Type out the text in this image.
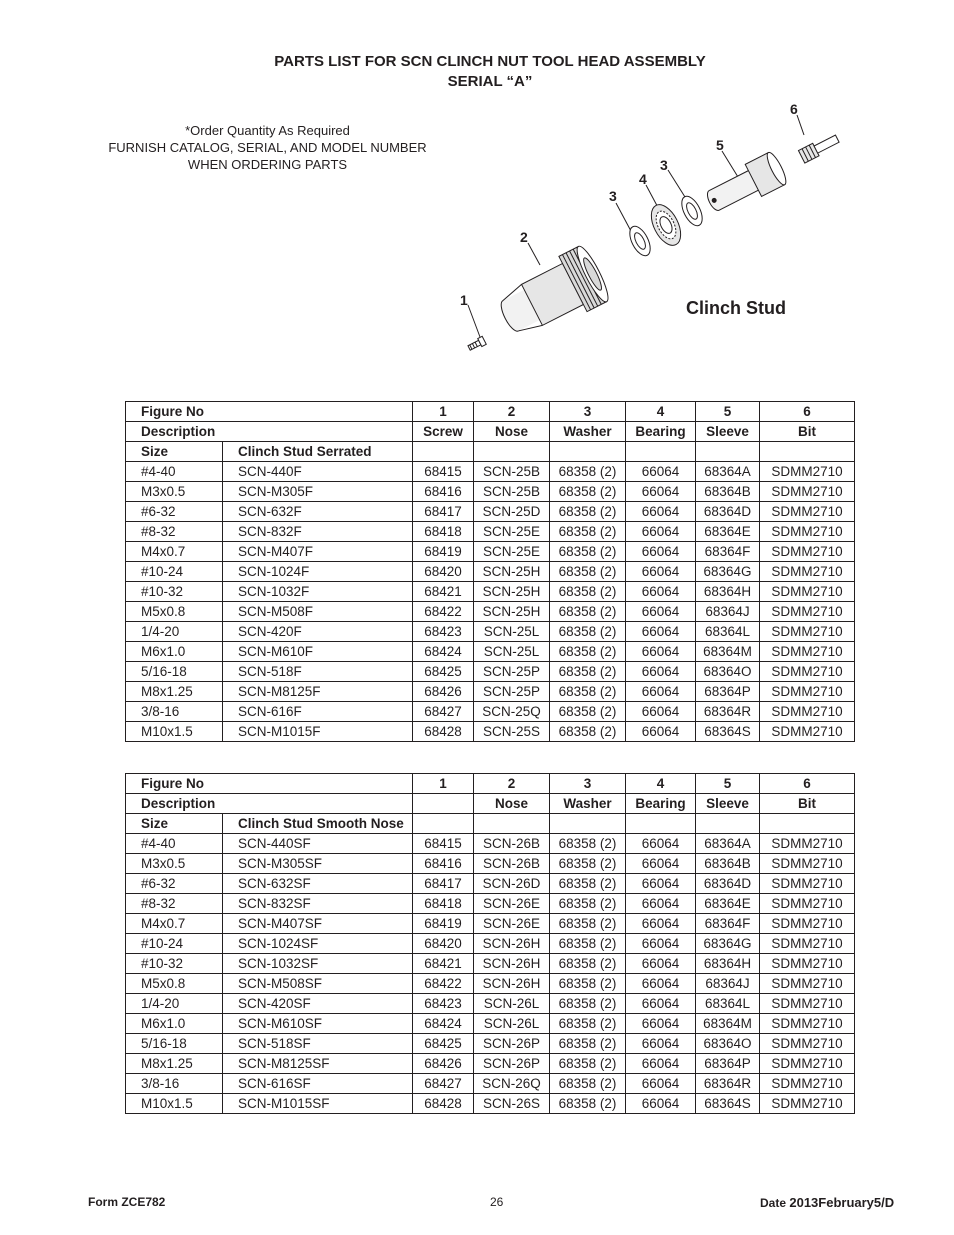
PARTS LIST FOR SCN CLINCH NUT TOOL HEAD ASSEMBLY
SERIAL “A”
*Order Quantity As Required
FURNISH CATALOG, SERIAL, AND MODEL NUMBER
WHEN ORDERING PARTS
1
2
3
4
3
5
6
Clinch Stud
Figure No		1	2	3	4	5	6
Description		Screw	Nose	Washer	Bearing	Sleeve	Bit
Size	Clinch Stud Serrated						
#4-40	SCN-440F	68415	SCN-25B	68358 (2)	66064	68364A	SDMM2710
M3x0.5	SCN-M305F	68416	SCN-25B	68358 (2)	66064	68364B	SDMM2710
#6-32	SCN-632F	68417	SCN-25D	68358 (2)	66064	68364D	SDMM2710
#8-32	SCN-832F	68418	SCN-25E	68358 (2)	66064	68364E	SDMM2710
M4x0.7	SCN-M407F	68419	SCN-25E	68358 (2)	66064	68364F	SDMM2710
#10-24	SCN-1024F	68420	SCN-25H	68358 (2)	66064	68364G	SDMM2710
#10-32	SCN-1032F	68421	SCN-25H	68358 (2)	66064	68364H	SDMM2710
M5x0.8	SCN-M508F	68422	SCN-25H	68358 (2)	66064	68364J	SDMM2710
1/4-20	SCN-420F	68423	SCN-25L	68358 (2)	66064	68364L	SDMM2710
M6x1.0	SCN-M610F	68424	SCN-25L	68358 (2)	66064	68364M	SDMM2710
5/16-18	SCN-518F	68425	SCN-25P	68358 (2)	66064	68364O	SDMM2710
M8x1.25	SCN-M8125F	68426	SCN-25P	68358 (2)	66064	68364P	SDMM2710
3/8-16	SCN-616F	68427	SCN-25Q	68358 (2)	66064	68364R	SDMM2710
M10x1.5	SCN-M1015F	68428	SCN-25S	68358 (2)	66064	68364S	SDMM2710
Figure No		1	2	3	4	5	6
Description			Nose	Washer	Bearing	Sleeve	Bit
Size	Clinch Stud Smooth Nose						
#4-40	SCN-440SF	68415	SCN-26B	68358 (2)	66064	68364A	SDMM2710
M3x0.5	SCN-M305SF	68416	SCN-26B	68358 (2)	66064	68364B	SDMM2710
#6-32	SCN-632SF	68417	SCN-26D	68358 (2)	66064	68364D	SDMM2710
#8-32	SCN-832SF	68418	SCN-26E	68358 (2)	66064	68364E	SDMM2710
M4x0.7	SCN-M407SF	68419	SCN-26E	68358 (2)	66064	68364F	SDMM2710
#10-24	SCN-1024SF	68420	SCN-26H	68358 (2)	66064	68364G	SDMM2710
#10-32	SCN-1032SF	68421	SCN-26H	68358 (2)	66064	68364H	SDMM2710
M5x0.8	SCN-M508SF	68422	SCN-26H	68358 (2)	66064	68364J	SDMM2710
1/4-20	SCN-420SF	68423	SCN-26L	68358 (2)	66064	68364L	SDMM2710
M6x1.0	SCN-M610SF	68424	SCN-26L	68358 (2)	66064	68364M	SDMM2710
5/16-18	SCN-518SF	68425	SCN-26P	68358 (2)	66064	68364O	SDMM2710
M8x1.25	SCN-M8125SF	68426	SCN-26P	68358 (2)	66064	68364P	SDMM2710
3/8-16	SCN-616SF	68427	SCN-26Q	68358 (2)	66064	68364R	SDMM2710
M10x1.5	SCN-M1015SF	68428	SCN-26S	68358 (2)	66064	68364S	SDMM2710
Form ZCE782	26	Date 2013February5/D
